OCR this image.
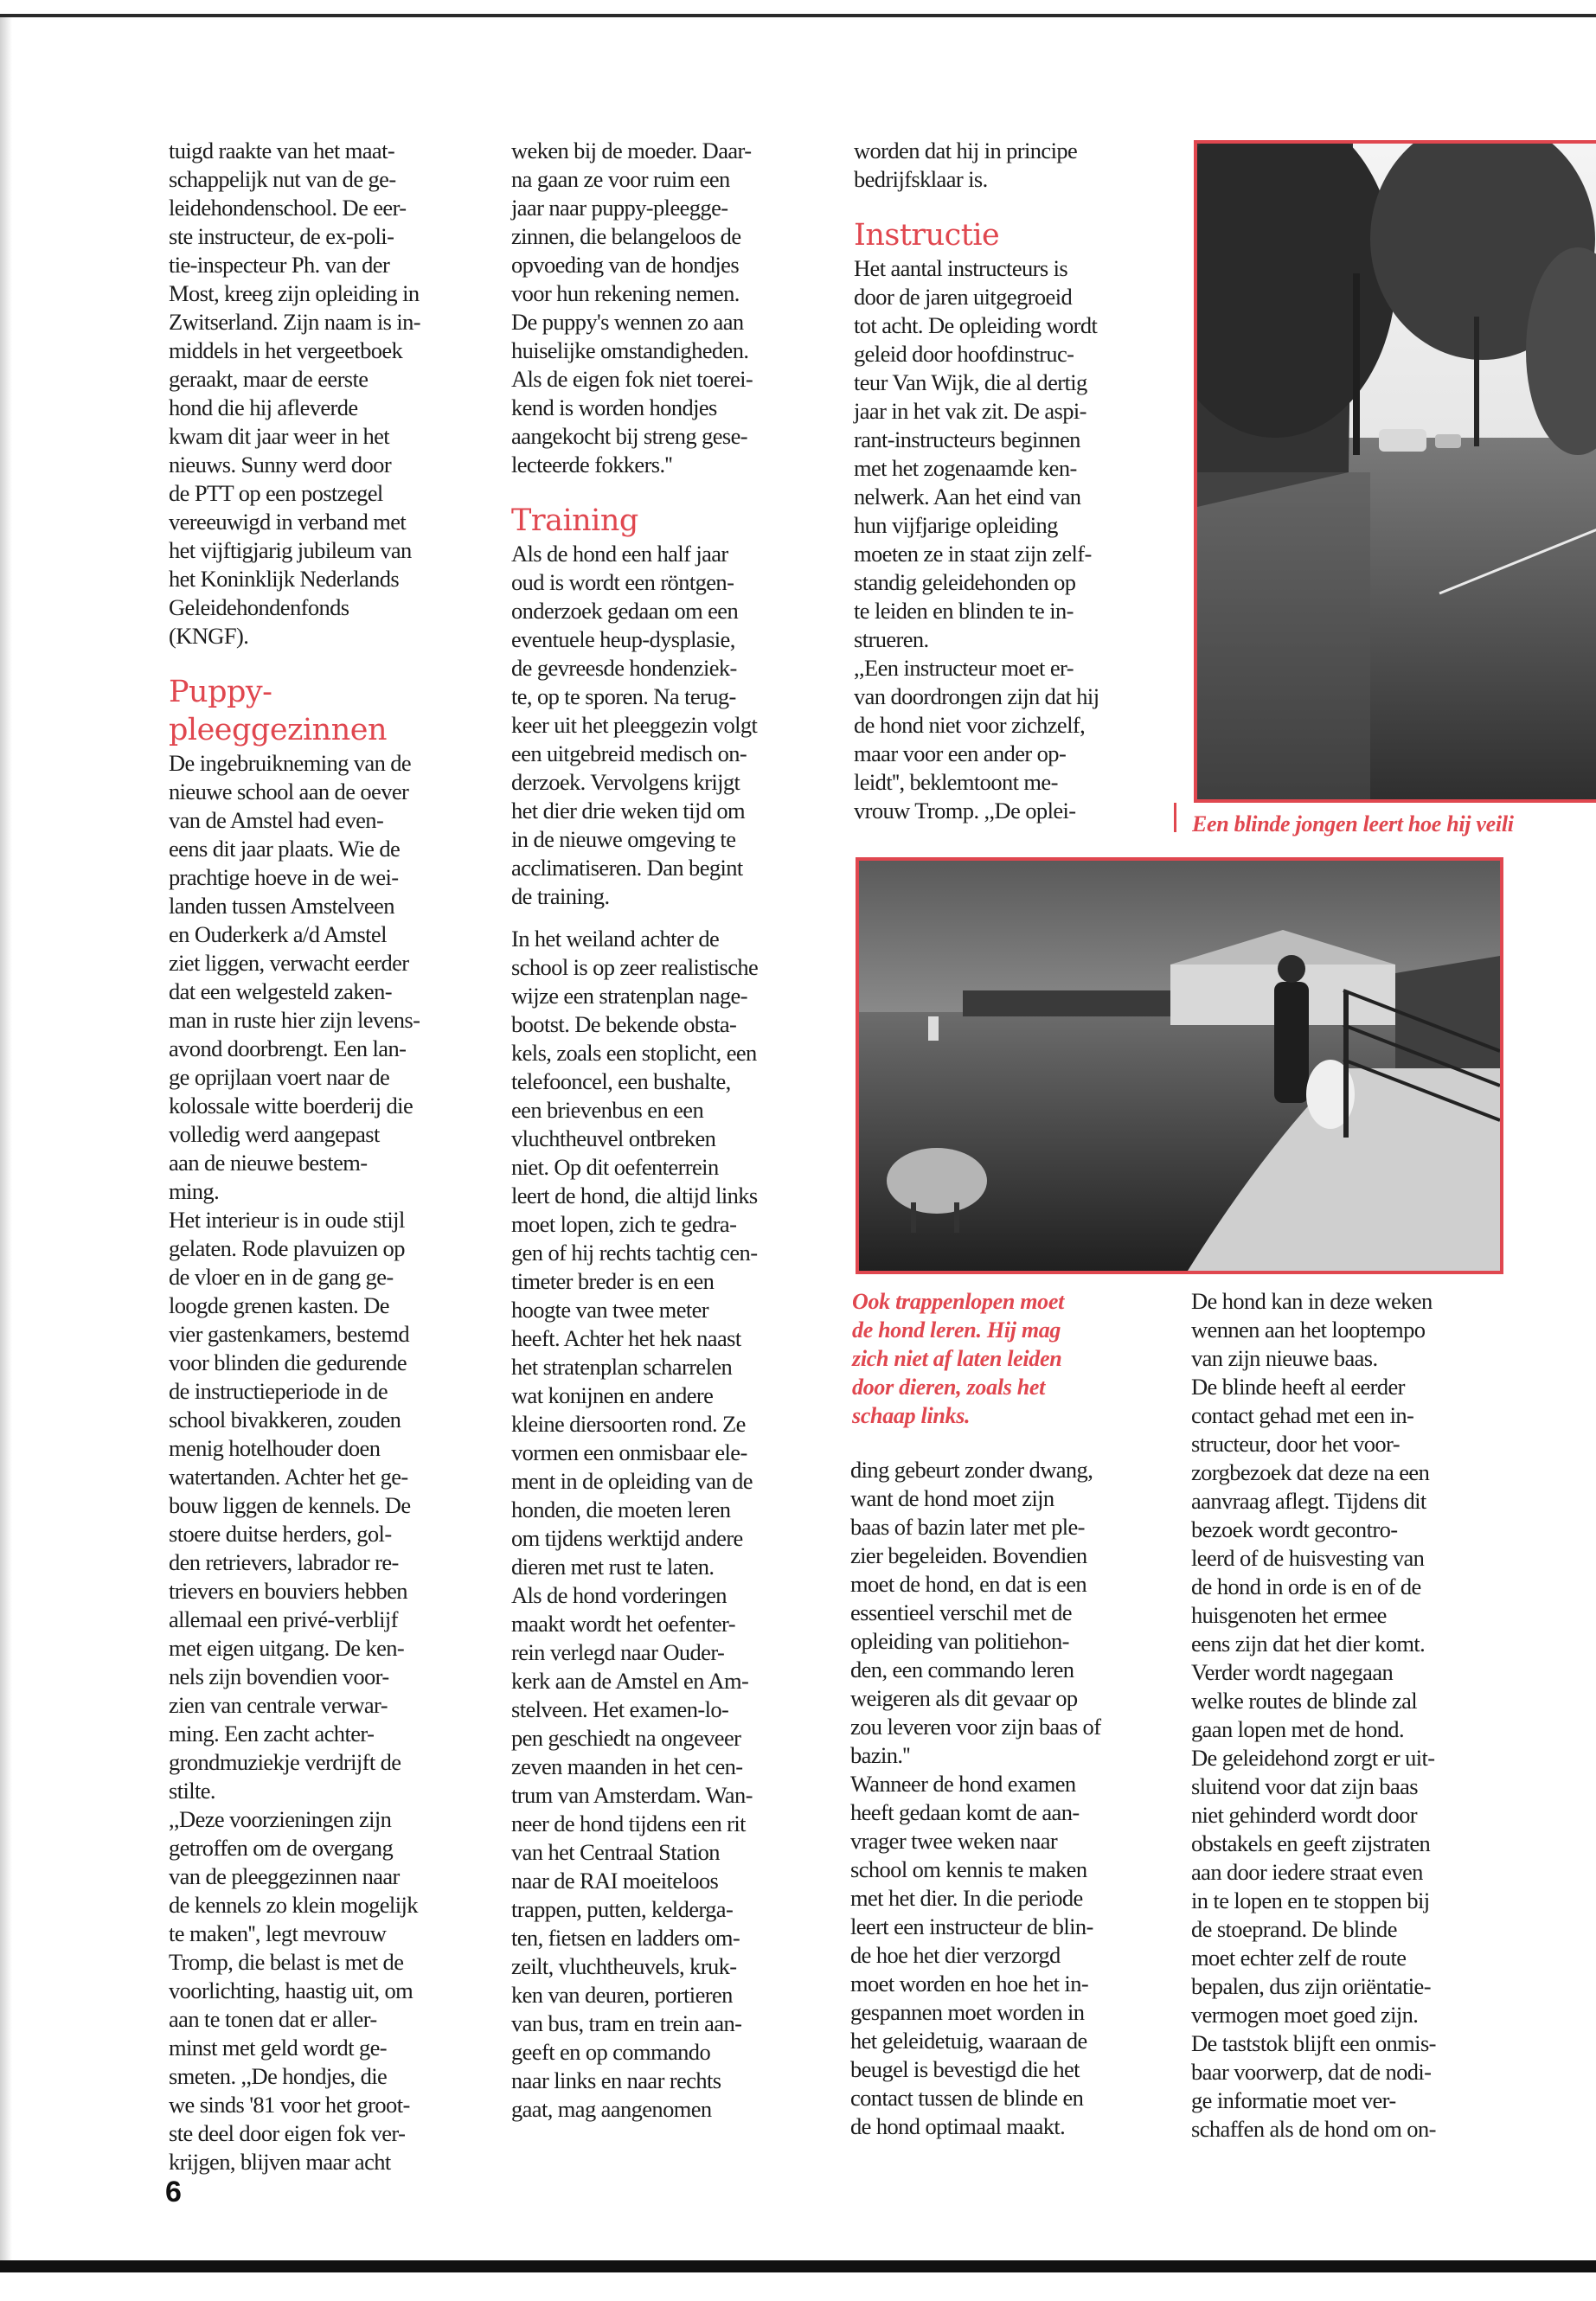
tuigd raakte van het maat-
schappelijk nut van de ge-
leidehondenschool. De eer-
ste instructeur, de ex-poli-
tie-inspecteur Ph. van der
Most, kreeg zijn opleiding in
Zwitserland. Zijn naam is in-
middels in het vergeetboek
geraakt, maar de eerste
hond die hij afleverde
kwam dit jaar weer in het
nieuws. Sunny werd door
de PTT op een postzegel
vereeuwigd in verband met
het vijftigjarig jubileum van
het Koninklijk Nederlands
Geleidehondenfonds
(KNGF).

Puppy-pleeggezinnen

De ingebruikneming van de
nieuwe school aan de oever
van de Amstel had even-
eens dit jaar plaats. Wie de
prachtige hoeve in de wei-
landen tussen Amstelveen
en Ouderkerk a/d Amstel
ziet liggen, verwacht eerder
dat een welgesteld zaken-
man in ruste hier zijn levens-
avond doorbrengt. Een lan-
ge oprijlaan voert naar de
kolossale witte boerderij die
volledig werd aangepast
aan de nieuwe bestem-
ming.

Het interieur is in oude stijl
gelaten. Rode plavuizen op
de vloer en in de gang ge-
loogde grenen kasten. De
vier gastenkamers, bestemd
voor blinden die gedurende
de instructieperiode in de
school bivakkeren, zouden
menig hotelhouder doen
watertanden. Achter het ge-
bouw liggen de kennels. De
stoere duitse herders, gol-
den retrievers, labrador re-
trievers en bouviers hebben
allemaal een privé-verblijf
met eigen uitgang. De ken-
nels zijn bovendien voor-
zien van centrale verwar-
ming. Een zacht achter-
grondmuziekje verdrijft de
stilte.

,,Deze voorzieningen zijn
getroffen om de overgang
van de pleeggezinnen naar
de kennels zo klein mogelijk
te maken'', legt mevrouw
Tromp, die belast is met de
voorlichting, haastig uit, om
aan te tonen dat er aller-
minst met geld wordt ge-
smeten. ,,De hondjes, die
we sinds '81 voor het groot-
ste deel door eigen fok ver-
krijgen, blijven maar acht

weken bij de moeder. Daar-
na gaan ze voor ruim een
jaar naar puppy-pleegge-
zinnen, die belangeloos de
opvoeding van de hondjes
voor hun rekening nemen.
De puppy's wennen zo aan
huiselijke omstandigheden.
Als de eigen fok niet toerei-
kend is worden hondjes
aangekocht bij streng gese-
lecteerde fokkers.''

Training

Als de hond een half jaar
oud is wordt een röntgen-
onderzoek gedaan om een
eventuele heup-dysplasie,
de gevreesde hondenziek-
te, op te sporen. Na terug-
keer uit het pleeggezin volgt
een uitgebreid medisch on-
derzoek. Vervolgens krijgt
het dier drie weken tijd om
in de nieuwe omgeving te
acclimatiseren. Dan begint
de training.

In het weiland achter de
school is op zeer realistische
wijze een stratenplan nage-
bootst. De bekende obsta-
kels, zoals een stoplicht, een
telefooncel, een bushalte,
een brievenbus en een
vluchtheuvel ontbreken
niet. Op dit oefenterrein
leert de hond, die altijd links
moet lopen, zich te gedra-
gen of hij rechts tachtig cen-
timeter breder is en een
hoogte van twee meter
heeft. Achter het hek naast
het stratenplan scharrelen
wat konijnen en andere
kleine diersoorten rond. Ze
vormen een onmisbaar ele-
ment in de opleiding van de
honden, die moeten leren
om tijdens werktijd andere
dieren met rust te laten.

Als de hond vorderingen
maakt wordt het oefenter-
rein verlegd naar Ouder-
kerk aan de Amstel en Am-
stelveen. Het examen-lo-
pen geschiedt na ongeveer
zeven maanden in het cen-
trum van Amsterdam. Wan-
neer de hond tijdens een rit
van het Centraal Station
naar de RAI moeiteloos
trappen, putten, kelderga-
ten, fietsen en ladders om-
zeilt, vluchtheuvels, kruk-
ken van deuren, portieren
van bus, tram en trein aan-
geeft en op commando
naar links en naar rechts
gaat, mag aangenomen

worden dat hij in principe
bedrijfsklaar is.

Instructie

Het aantal instructeurs is
door de jaren uitgegroeid
tot acht. De opleiding wordt
geleid door hoofdinstruc-
teur Van Wijk, die al dertig
jaar in het vak zit. De aspi-
rant-instructeurs beginnen
met het zogenaamde ken-
nelwerk. Aan het eind van
hun vijfjarige opleiding
moeten ze in staat zijn zelf-
standig geleidehonden op
te leiden en blinden te in-
strueren.

,,Een instructeur moet er-
van doordrongen zijn dat hij
de hond niet voor zichzelf,
maar voor een ander op-
leidt'', beklemtoont me-
vrouw Tromp. ,,De oplei-

Een blinde jongen leert hoe hij veili
Ook trappenlopen moet
de hond leren. Hij mag
zich niet af laten leiden
door dieren, zoals het
schaap links.

ding gebeurt zonder dwang,
want de hond moet zijn
baas of bazin later met ple-
zier begeleiden. Bovendien
moet de hond, en dat is een
essentieel verschil met de
opleiding van politiehon-
den, een commando leren
weigeren als dit gevaar op
zou leveren voor zijn baas of
bazin.''

Wanneer de hond examen
heeft gedaan komt de aan-
vrager twee weken naar
school om kennis te maken
met het dier. In die periode
leert een instructeur de blin-
de hoe het dier verzorgd
moet worden en hoe het in-
gespannen moet worden in
het geleidetuig, waaraan de
beugel is bevestigd die het
contact tussen de blinde en
de hond optimaal maakt.

De hond kan in deze weken
wennen aan het looptempo
van zijn nieuwe baas.

De blinde heeft al eerder
contact gehad met een in-
structeur, door het voor-
zorgbezoek dat deze na een
aanvraag aflegt. Tijdens dit
bezoek wordt gecontro-
leerd of de huisvesting van
de hond in orde is en of de
huisgenoten het ermee
eens zijn dat het dier komt.
Verder wordt nagegaan
welke routes de blinde zal
gaan lopen met de hond.

De geleidehond zorgt er uit-
sluitend voor dat zijn baas
niet gehinderd wordt door
obstakels en geeft zijstraten
aan door iedere straat even
in te lopen en te stoppen bij
de stoeprand. De blinde
moet echter zelf de route
bepalen, dus zijn oriëntatie-
vermogen moet goed zijn.

De taststok blijft een onmis-
baar voorwerp, dat de nodi-
ge informatie moet ver-
schaffen als de hond om on-

6
